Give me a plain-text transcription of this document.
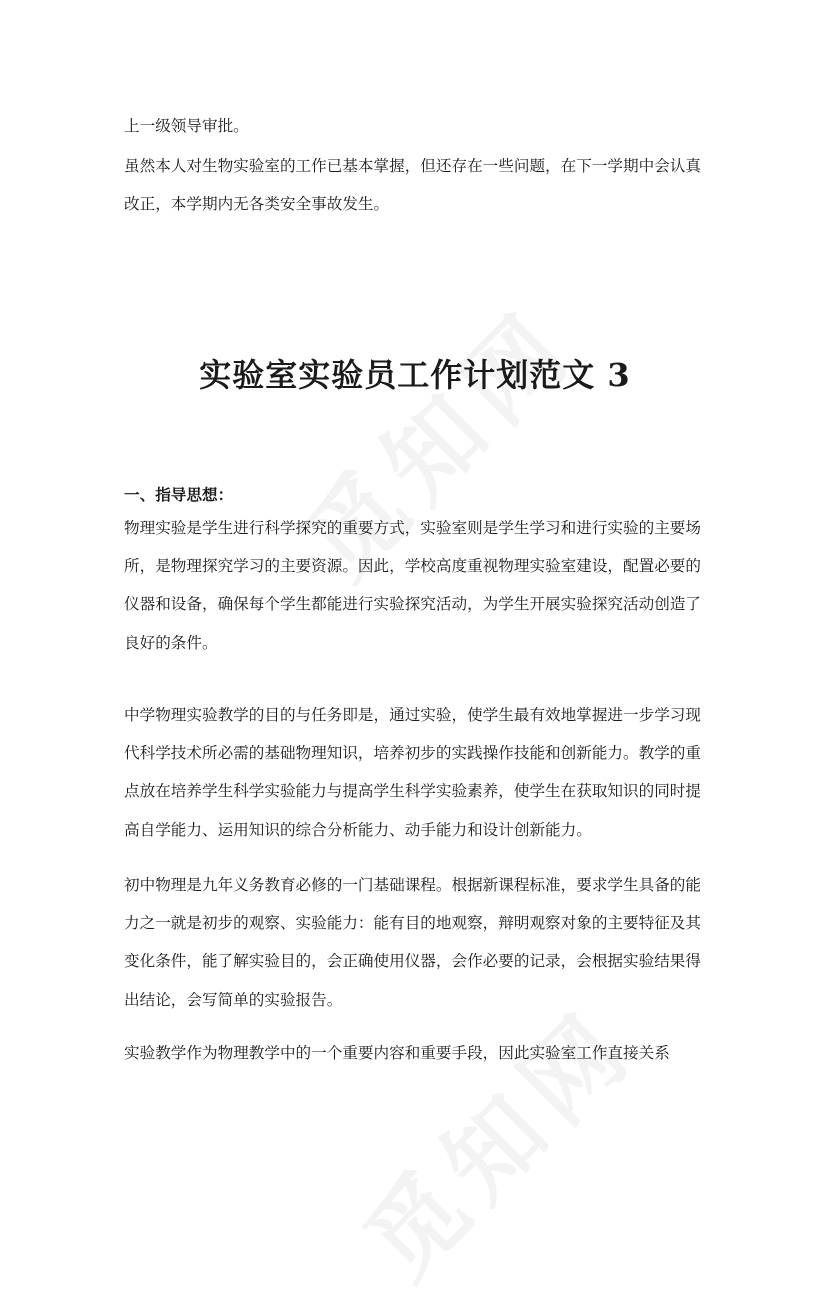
上一级领导审批。

虽然本人对生物实验室的工作已基本掌握，但还存在一些问题，在下一学期中会认真改正，本学期内无各类安全事故发生。

实验室实验员工作计划范文 3
一、指导思想：

物理实验是学生进行科学探究的重要方式，实验室则是学生学习和进行实验的主要场所，是物理探究学习的主要资源。因此，学校高度重视物理实验室建设，配置必要的仪器和设备，确保每个学生都能进行实验探究活动，为学生开展实验探究活动创造了良好的条件。

中学物理实验教学的目的与任务即是，通过实验，使学生最有效地掌握进一步学习现代科学技术所必需的基础物理知识，培养初步的实践操作技能和创新能力。教学的重点放在培养学生科学实验能力与提高学生科学实验素养，使学生在获取知识的同时提高自学能力、运用知识的综合分析能力、动手能力和设计创新能力。

初中物理是九年义务教育必修的一门基础课程。根据新课程标准，要求学生具备的能力之一就是初步的观察、实验能力：能有目的地观察，辩明观察对象的主要特征及其变化条件，能了解实验目的，会正确使用仪器，会作必要的记录，会根据实验结果得出结论，会写简单的实验报告。

实验教学作为物理教学中的一个重要内容和重要手段，因此实验室工作直接关系
